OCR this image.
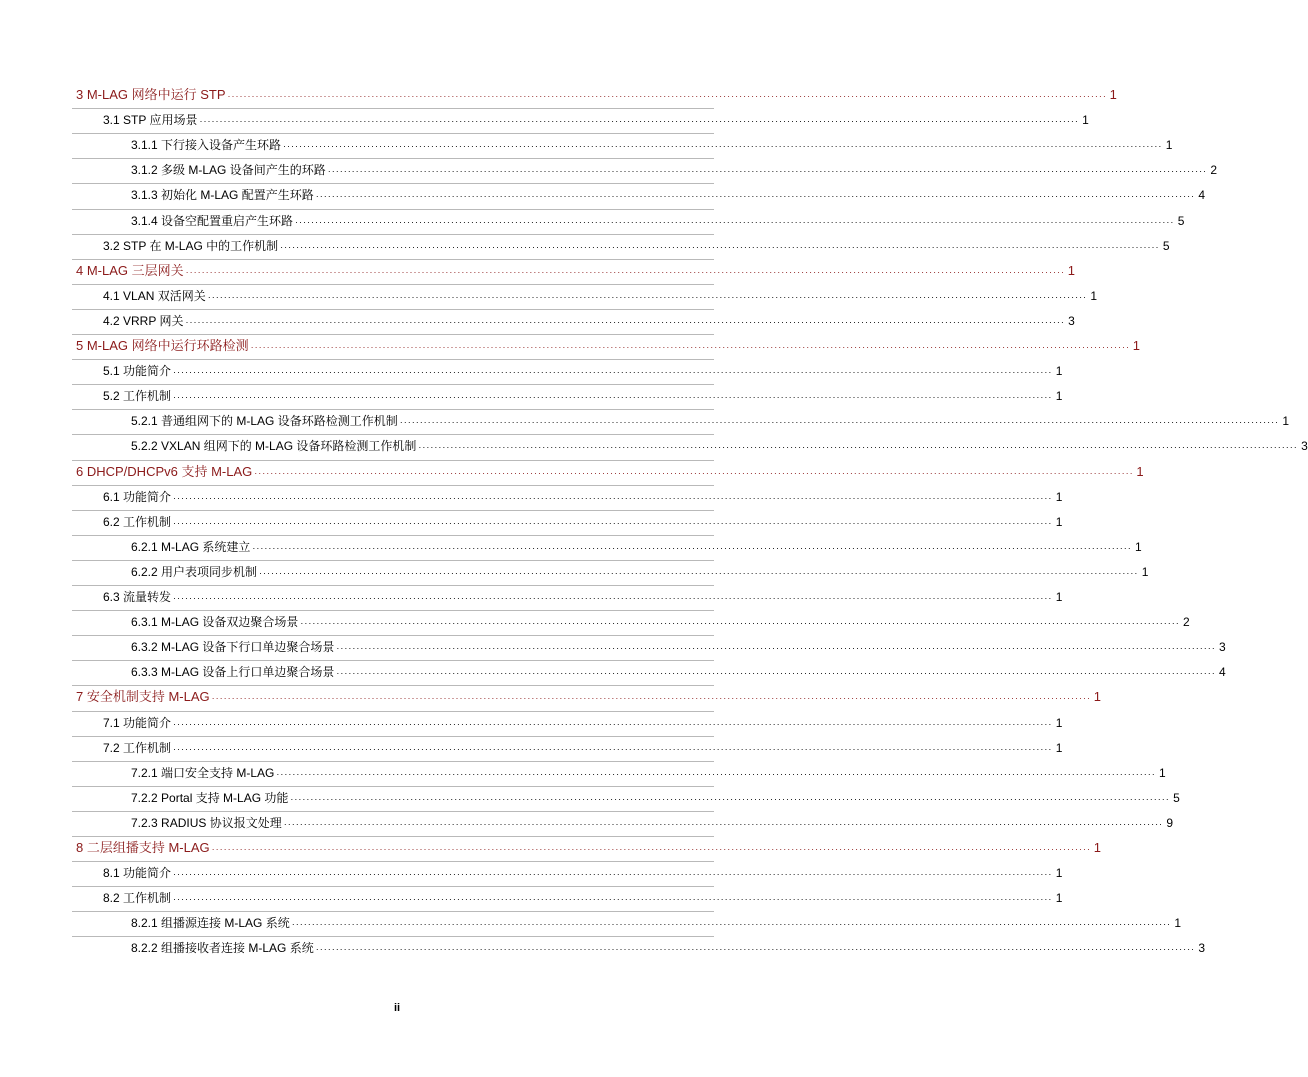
3 M-LAG 网络中运行 STP ···························································································································································································································· 1
3.1 STP 应用场景 ···························································································································································································································· 1
3.1.1 下行接入设备产生环路 ···························································································································································································································· 1
3.1.2 多级 M-LAG 设备间产生的环路 ···························································································································································································································· 2
3.1.3 初始化 M-LAG 配置产生环路 ···························································································································································································································· 4
3.1.4 设备空配置重启产生环路 ···························································································································································································································· 5
3.2 STP 在 M-LAG 中的工作机制 ···························································································································································································································· 5
4 M-LAG 三层网关 ···························································································································································································································· 1
4.1 VLAN 双活网关 ···························································································································································································································· 1
4.2 VRRP 网关 ···························································································································································································································· 3
5 M-LAG 网络中运行环路检测 ···························································································································································································································· 1
5.1 功能简介 ···························································································································································································································· 1
5.2 工作机制 ···························································································································································································································· 1
5.2.1 普通组网下的 M-LAG 设备环路检测工作机制 ···························································································································································································································· 1
5.2.2 VXLAN 组网下的 M-LAG 设备环路检测工作机制 ···························································································································································································································· 3
6 DHCP/DHCPv6 支持 M-LAG ···························································································································································································································· 1
6.1 功能简介 ···························································································································································································································· 1
6.2 工作机制 ···························································································································································································································· 1
6.2.1 M-LAG 系统建立 ···························································································································································································································· 1
6.2.2 用户表项同步机制 ···························································································································································································································· 1
6.3 流量转发 ···························································································································································································································· 1
6.3.1 M-LAG 设备双边聚合场景 ···························································································································································································································· 2
6.3.2 M-LAG 设备下行口单边聚合场景 ···························································································································································································································· 3
6.3.3 M-LAG 设备上行口单边聚合场景 ···························································································································································································································· 4
7 安全机制支持 M-LAG ···························································································································································································································· 1
7.1 功能简介 ···························································································································································································································· 1
7.2 工作机制 ···························································································································································································································· 1
7.2.1 端口安全支持 M-LAG ···························································································································································································································· 1
7.2.2 Portal 支持 M-LAG 功能 ···························································································································································································································· 5
7.2.3 RADIUS 协议报文处理 ···························································································································································································································· 9
8 二层组播支持 M-LAG ···························································································································································································································· 1
8.1 功能简介 ···························································································································································································································· 1
8.2 工作机制 ···························································································································································································································· 1
8.2.1 组播源连接 M-LAG 系统 ···························································································································································································································· 1
8.2.2 组播接收者连接 M-LAG 系统 ···························································································································································································································· 3
ii
